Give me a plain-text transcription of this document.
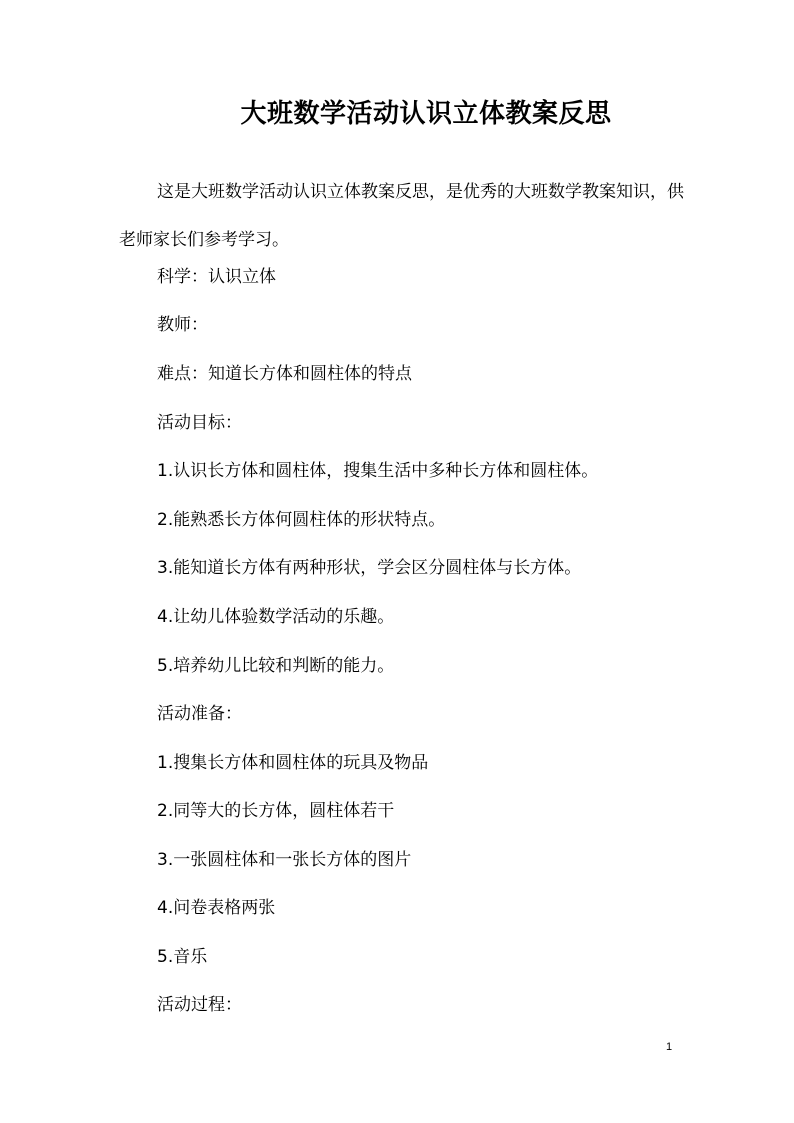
大班数学活动认识立体教案反思
这是大班数学活动认识立体教案反思，是优秀的大班数学教案知识，供老师家长们参考学习。
科学：认识立体
教师：
难点：知道长方体和圆柱体的特点
活动目标：
1.认识长方体和圆柱体，搜集生活中多种长方体和圆柱体。
2.能熟悉长方体何圆柱体的形状特点。
3.能知道长方体有两种形状，学会区分圆柱体与长方体。
4.让幼儿体验数学活动的乐趣。
5.培养幼儿比较和判断的能力。
活动准备：
1.搜集长方体和圆柱体的玩具及物品
2.同等大的长方体，圆柱体若干
3.一张圆柱体和一张长方体的图片
4.问卷表格两张
5.音乐
活动过程：
1
